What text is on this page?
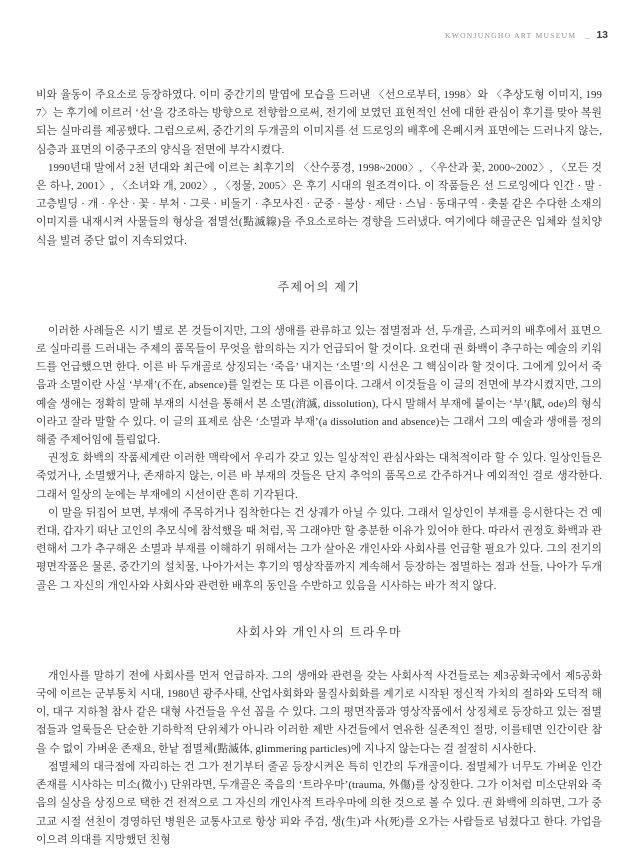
KWONJUNGHO ART MUSEUM _ 13

비와 율동이 주요소로 등장하였다. 이미 중간기의 말엽에 모습을 드러낸 〈선으로부터, 1998〉와 〈추상도형 이미지, 1997〉는 후기에 이르러 ‘선’을 강조하는 방향으로 전향함으로써, 전기에 보였던 표현적인 선에 대한 관심이 후기를 맞아 복원되는 실마리를 제공했다. 그럼으로써, 중간기의 두개골의 이미지를 선 드로잉의 배후에 은폐시켜 표면에는 드러나지 않는, 심층과 표면의 이중구조의 양식을 전면에 부각시켰다.

1990년대 말에서 2천 년대와 최근에 이르는 최후기의 〈산수풍경, 1998~2000〉, 〈우산과 꽃, 2000~2002〉, 〈모든 것은 하나, 2001〉, 〈소녀와 개, 2002〉, 〈정물, 2005〉은 후기 시대의 원조격이다. 이 작품들은 선 드로잉에다 인간 · 말 · 고층빌딩 · 개 · 우산 · 꽃 · 부처 · 그릇 · 비둘기 · 추모사진 · 군중 · 불상 · 제단 · 스님 · 동대구역 · 촛불 같은 수다한 소재의 이미지를 내재시켜 사물들의 형상을 점멸선(點滅線)을 주요소로하는 경향을 드러냈다. 여기에다 해골군은 입체와 설치양식을 빌려 중단 없이 지속되었다.

주제어의 제기

이러한 사례들은 시기 별로 본 것들이지만, 그의 생애를 관류하고 있는 점멸점과 선, 두개골, 스피커의 배후에서 표면으로 실마리를 드러내는 주제의 품목들이 무엇을 함의하는 지가 언급되어 할 것이다. 요컨대 권 화백이 추구하는 예술의 키워드를 언급했으면 한다. 이른 바 두개골로 상징되는 ‘죽음’ 내지는 ‘소멸’의 시선은 그 핵심이라 할 것이다. 그에게 있어서 죽음과 소멸이란 사실 ‘부재’(不在, absence)를 일컫는 또 다른 이름이다. 그래서 이것들을 이 글의 전면에 부각시켰지만, 그의 예술 생애는 정확히 말해 부재의 시선을 통해서 본 소멸(消滅, dissolution), 다시 말해서 부재에 붙이는 ‘부’(賦, ode)의 형식이라고 잘라 말할 수 있다. 이 글의 표제로 삼은 ‘소멸과 부재’(a dissolution and absence)는 그래서 그의 예술과 생애를 정의해줄 주제어임에 틀림없다.

권정호 화백의 작품세계란 이러한 맥락에서 우리가 갖고 있는 일상적인 관심사와는 대척적이라 할 수 있다. 일상인들은 죽었거나, 소멸했거나, 존재하지 않는, 이른 바 부재의 것들은 단지 추억의 품목으로 간주하거나 예외적인 걸로 생각한다. 그래서 일상의 눈에는 부재에의 시선이란 흔히 기각된다.

이 말을 뒤집어 보면, 부재에 주목하거나 집착한다는 건 상궤가 아닐 수 있다. 그래서 일상인이 부재를 응시한다는 건 예컨대, 갑자기 떠난 고인의 추모식에 참석했을 때 처럼, 꼭 그래야만 할 충분한 이유가 있어야 한다. 따라서 권정호 화백과 관련해서 그가 추구해온 소멸과 부재를 이해하기 위해서는 그가 살아온 개인사와 사회사를 언급할 필요가 있다. 그의 전기의 평면작품은 물론, 중간기의 설치물, 나아가서는 후기의 영상작품까지 계속해서 등장하는 점멸하는 점과 선들, 나아가 두개골은 그 자신의 개인사와 사회사와 관련한 배후의 동인을 수반하고 있음을 시사하는 바가 적지 않다.

사회사와 개인사의 트라우마

개인사를 말하기 전에 사회사를 먼저 언급하자. 그의 생애와 관련을 갖는 사회사적 사건들로는 제3공화국에서 제5공화국에 이르는 군부통치 시대, 1980년 광주사태, 산업사회화와 물질사회화를 계기로 시작된 정신적 가치의 절하와 도덕적 해이, 대구 지하철 참사 같은 대형 사건들을 우선 꼽을 수 있다. 그의 평면작품과 영상작품에서 상징체로 등장하고 있는 점멸점들과 얼룩들은 단순한 기하학적 단위체가 아니라 이러한 제반 사건들에서 연유한 실존적인 절망, 이를테면 인간이란 참을 수 없이 가벼운 존재요, 한낱 점멸체(點滅体, glimmering particles)에 지나지 않는다는 걸 절절히 시사한다.

점멸체의 대극점에 자리하는 건 그가 전기부터 줄곧 등장시켜온 특히 인간의 두개골이다. 점멸체가 너무도 가벼운 인간 존재를 시사하는 미소(微小) 단위라면, 두개골은 죽음의 ‘트라우마’(trauma, 外傷)를 상징한다. 그가 이처럼 미소단위와 죽음의 실상을 상징으로 택한 건 전적으로 그 자신의 개인사적 트라우마에 의한 것으로 볼 수 있다. 권 화백에 의하면, 그가 중고교 시절 선친이 경영하던 병원은 교통사고로 항상 피와 주검, 생(生)과 사(死)를 오가는 사람들로 넘쳤다고 한다. 가업을 이으려 의대를 지망했던 친형
